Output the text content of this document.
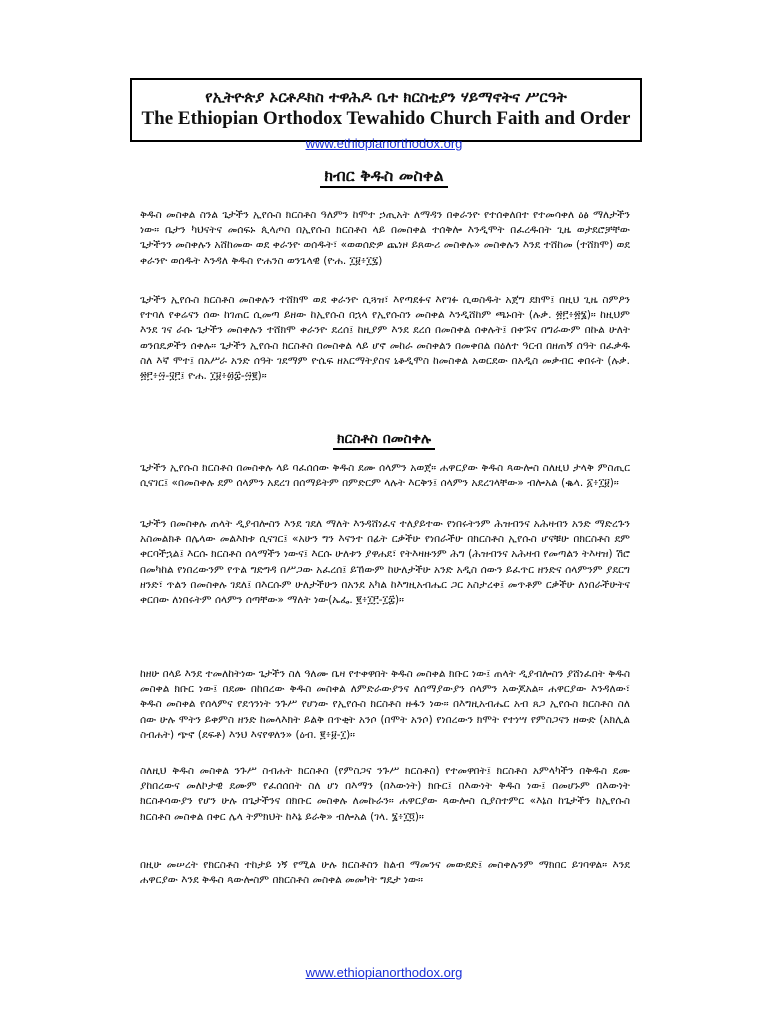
የኢትዮጵያ ኦርቶዶክስ ተዋሕዶ ቤተ ክርስቲያን ሃይማኖትና ሥርዓት
The Ethiopian Orthodox Tewahido Church Faith and Order
www.ethiopianorthodox.org
ክብር ቅዱስ መስቀል

ቅዱስ መስቀል ስንል ጌታችን ኢየሱስ ክርስቶስ ዓለምን ከሞተ ኃጢአት ለማዳን በቀራንዮ የተሰቀለበተ የተመሳቀለ ዕፅ ማለታችን ነው። ቤታን ካህናትና መሰፍኑ ጲላጦስ በኢየሱስ ክርስቶስ ላይ በመስቀል ተሰቅሎ እንዲሞት በፈረዱበት ጊዜ ወታደሮቻቸው ጌታችንን መስቀሉን አሸከመው ወደ ቀራንዮ ወሰዱት፣ «ወወሰድዎ ጨነዞ ይጸውሪ መስቀሉ» መስቀሉን እንደ ተሸከመ (ተሸክሞ) ወደ ቀራንዮ ወሰዱት እንዳለ ቅዱስ ዮሐንስ ወንጌላዊ (ዮሐ. ፲፱፥፲፯)

ጌታችን ኢየሱስ ክርስቶስ መስቀሉን ተሸክሞ ወደ ቀራንዮ ሲጓዝ፣ እየጣደፉና እየገፉ ሲወስዱት አጀግ ደክሞ፤ በዚህ ጊዜ ስምዖን የተባለ የቀሬናን ሰው ከገጠር ሲመጣ ይዘው ከኢየሱስ በኋላ የኢየሱስን መስቀል እንዲሸከም ጫኑበት (ሉቃ. ፳፫፥፳፮)። ከዚህም እንደ ገና ራሱ ጌታችን መስቀሉን ተሸክሞ ቀራንዮ ደረሰ፤ ከዚያም እንደ ደረሰ በመስቀል ሰቀሉት፤ በቀኙና በግራውም በኩል ሁለት ወንበዴዎችን ሰቀሉ። ጌታችን ኢየሱስ ክርስቶስ በመስቀል ላይ ሆኖ መከራ መስቀልን በመቀበል በዕለተ ዓርብ በዘጠኝ ሰዓት በፈቃዱ ስለ እኛ ሞተ፤ በአሥራ አንድ ሰዓት ገደማም ዮሴፍ ዘአርማትያስና ኒቆዲሞስ ከመስቀል አወርደው በአዲስ መቃብር ቀበሩት (ሉቃ. ፳፫፥፵-፶፫፤ ዮሐ. ፲፱፥፴፰-፵፪)።

ክርስቶስ በመስቀሉ

ጌታችን ኢየሱስ ክርስቶስ በመስቀሉ ላይ ባፈሰሰው ቅዱስ ደሙ ሰላምን አወጀ። ሐዋርያው ቅዱስ ጳውሎስ ስለዚህ ታላቅ ምስጢር ሲናገር፤ «በመስቀሉ ደም ሰላምን አደረገ በሰማይትም በምድርም ላሉት እርቅን፤ ሰላምን አደረገላቸው» ብሎአል (ቈላ. ፩፥፲፱)።

ጌታችን በመስቀሉ ጠላት ዲያብሎስን እንደ ገደለ ማለት እንዳሸነፈና ተለያይተው የነበሩትንም ሕዝብንና አሕዛብን አንድ ማድረጉን አስመልክቶ በሌላው መልእክቱ ሲናገር፤ «አሁን ግን እናንተ በፊት ርቃችሁ የነበራችሁ በክርስቶስ ኢየሱስ ሆናቹሁ በክርስቶስ ደም ቀርባችኋል፤ እርሱ ክርስቶስ ሰላማችን ነውና፤ እርሱ ሁለቱን ያዋሐደ፣ የትእዛዙንም ሕግ (ሕዝብንና አሕዛብ የመጣልን ትእዛዝ) ሽሮ በመካከል የነበረውንም የጥል ግድግዳ በሥጋው አፈረሰ፤ ይኸውም ከሁለታችሁ አንድ አዲስ ሰውን ይፈጥር ዘንድና ሰላምንም ያደርግ ዘንድ፣ ጥልን በመስቀሉ ገደለ፤ በእርሱም ሁለታችሁን በአንደ አካል ከእግዚአብሔር ጋር አስታረቀ፤ መጥቶም ርቃችሁ ለነበራችሁትና ቀርበው ለነበሩትም ሰላምን ሰጣቸው» ማለት ነው(ኤፌ. ፪፥፲፫-፲፰)።

ከዘሁ በላይ እንደ ተመለከትነው ጌታችን ስለ ዓለሙ ቤዛ የተቀዋበት ቅዱስ መስቀል ክቡር ነው፤ ጠላት ዲያብሎስን ያሸነፈበት ቅዱስ መስቀል ክቡር ነው፤ በደሙ በከበረው ቅዱስ መስቀል ለምድራውያንና ለሰማያውያን ሰላምን አውጆአል። ሐዋርያው እንዳለው፣ ቅዱስ መስቀል የሰላምና የደኅንነት ንጉሥ የሆነው የኢየሱስ ክርስቶስ ዙፋን ነው። በእግዚአብሔር አብ ጸጋ ኢየሱስ ክርስቶስ ስለ ሰው ሁሉ ሞትን ይቀምስ ዘንድ ከመላእክት ይልቅ በጥቂት አንሶ (በሞት አንሶ) የነበረውን ክሞት የተነሣ የምስጋናን ዘውድ (አክሊል ስብሐት) ጭኖ (ደፍቶ) እንህ እናየዋለን» (ዕብ. ፪፥፱-፲)።

ስለዚህ ቅዱስ መስቀል ንጉሥ ስብሐት ክርስቶስ (የምስጋና ንጉሥ ክርስቶስ) የተመዋበት፤ ክርስቶስ አምላካችን በቅዱስ ደሙ ያከበረውና መለኮታዊ ደሙም የፈሰሰበት ስለ ሆነ በእማን (በእውነት) ክቡር፤ በእውነት ቅዱስ ነው፤ በመሆኑም በእውነት ክርስቶሳውያን የሆን ሁሉ በጌታችንና በክቡር መስቀሉ ለመኩራን። ሐዋርያው ጳውሎስ ሲያስተምር «እኔስ ከጌታችን ከኢየሱስ ክርስቶስ መስቀል በቀር ሌላ ትምክህት ከእኔ ይራቅ» ብሎአል (ገላ. ፮፥፲፬)።

በዚሁ መሠረት የክርስቶስ ተከታይ ነኝ የሚል ሁሉ ክርስቶስን ከልብ ማመንና መውደድ፤ መስቀሉንም ማክበር ይገባዋል። እንደ ሐዋርያው እንደ ቅዱስ ጳውሎስም በክርስቶስ መስቀል መመካት ግዴታ ነው።

www.ethiopianorthodox.org
